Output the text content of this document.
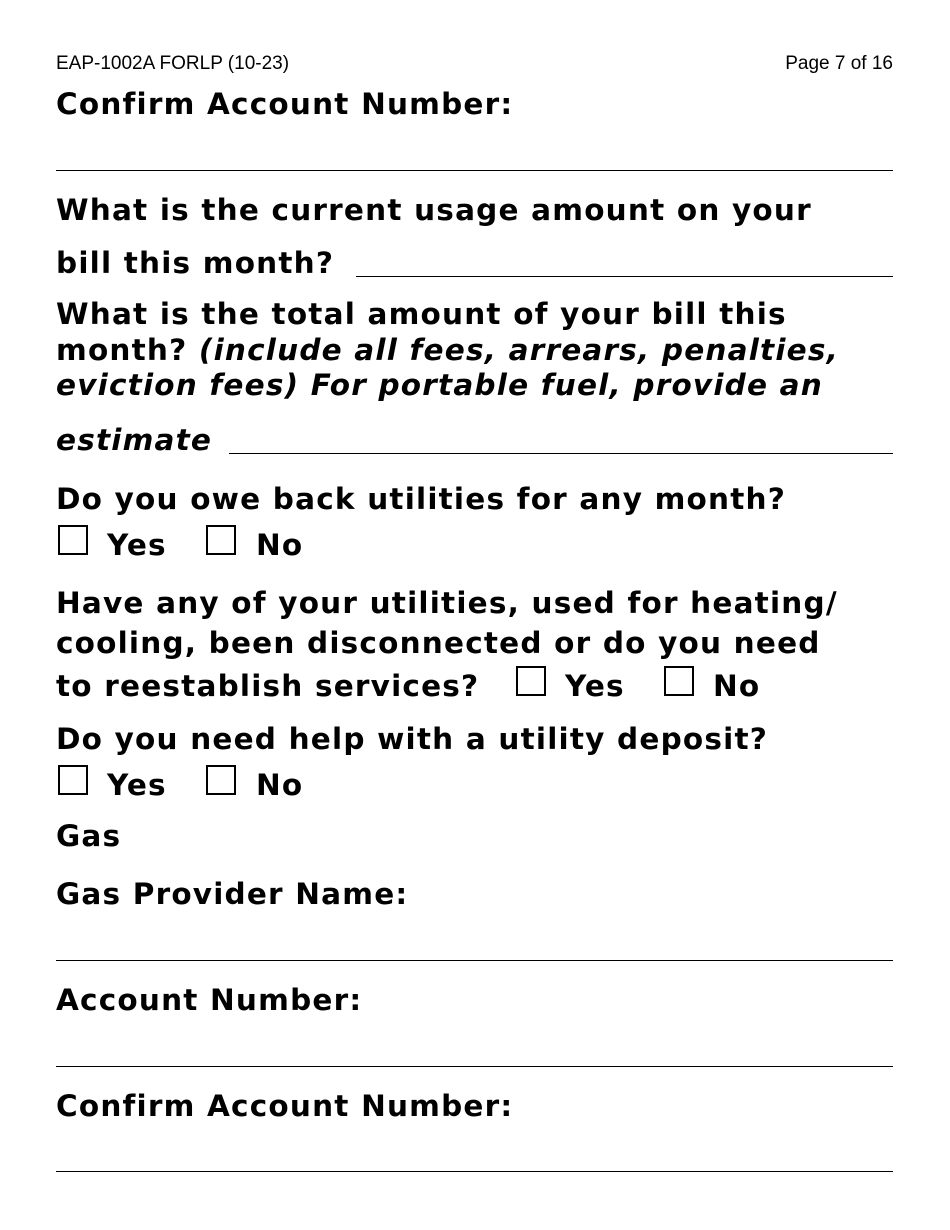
EAP-1002A FORLP (10-23)	Page 7 of 16
Confirm Account Number:
What is the current usage amount on your
bill this month?
What is the total amount of your bill this
month? (include all fees, arrears, penalties,
eviction fees) For portable fuel, provide an
estimate
Do you owe back utilities for any month?
Yes	No
Have any of your utilities, used for heating/
cooling, been disconnected or do you need
to reestablish services?	Yes	No
Do you need help with a utility deposit?
Yes	No
Gas
Gas Provider Name:
Account Number:
Confirm Account Number:
